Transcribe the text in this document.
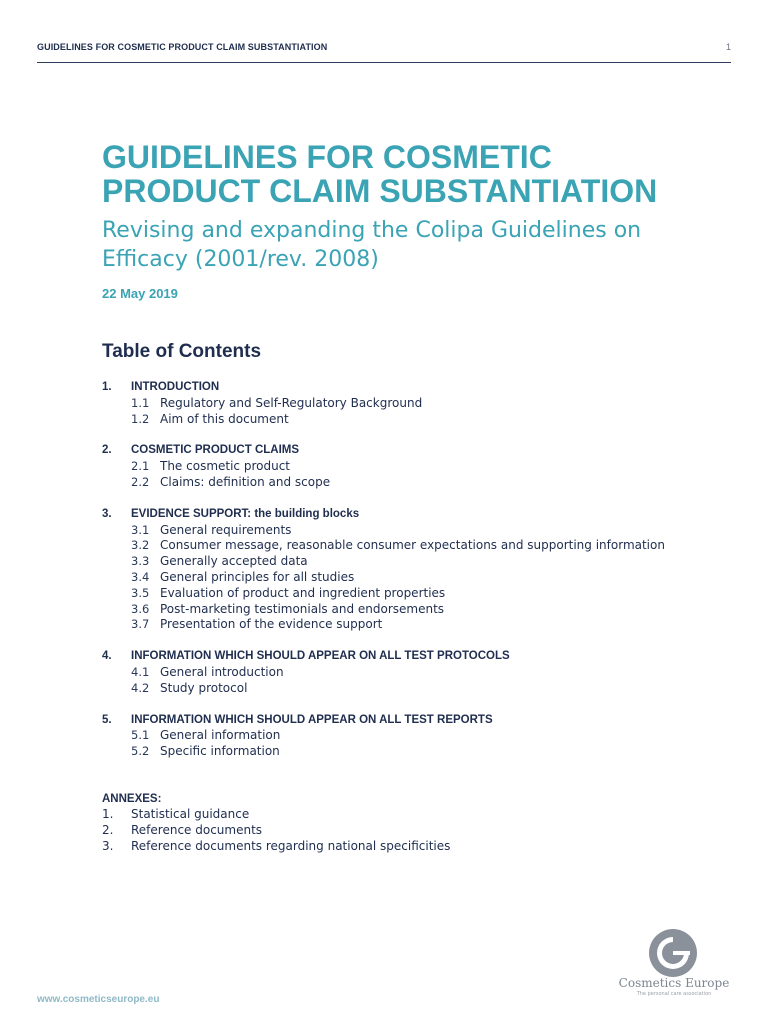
GUIDELINES FOR COSMETIC PRODUCT CLAIM SUBSTANTIATION	1
GUIDELINES FOR COSMETIC
PRODUCT CLAIM SUBSTANTIATION

Revising and expanding the Colipa Guidelines on Efficacy (2001/rev. 2008)

22 May 2019
Table of Contents
1. INTRODUCTION
1.1 Regulatory and Self-Regulatory Background
1.2 Aim of this document
2. COSMETIC PRODUCT CLAIMS
2.1 The cosmetic product
2.2 Claims: definition and scope
3. EVIDENCE SUPPORT: the building blocks
3.1 General requirements
3.2 Consumer message, reasonable consumer expectations and supporting information
3.3 Generally accepted data
3.4 General principles for all studies
3.5 Evaluation of product and ingredient properties
3.6 Post-marketing testimonials and endorsements
3.7 Presentation of the evidence support
4. INFORMATION WHICH SHOULD APPEAR ON ALL TEST PROTOCOLS
4.1 General introduction
4.2 Study protocol
5. INFORMATION WHICH SHOULD APPEAR ON ALL TEST REPORTS
5.1 General information
5.2 Specific information
ANNEXES:
1. Statistical guidance
2. Reference documents
3. Reference documents regarding national specificities
www.cosmeticseurope.eu
Cosmetics Europe
The personal care association
